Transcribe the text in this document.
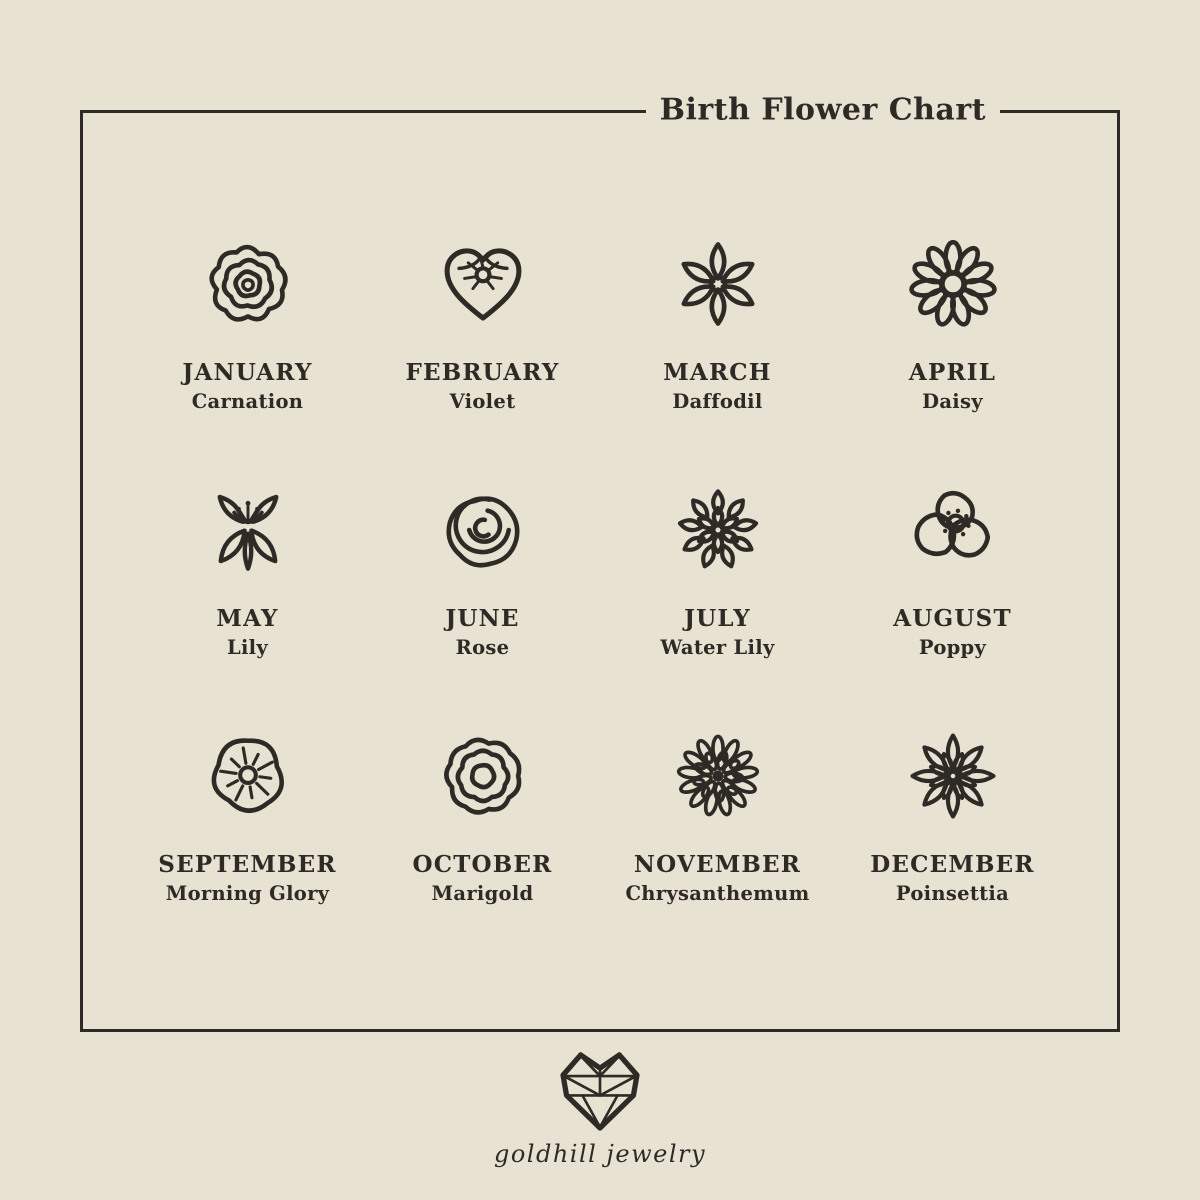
Birth Flower Chart
JANUARY
Carnation
FEBRUARY
Violet
MARCH
Daffodil
APRIL
Daisy
MAY
Lily
JUNE
Rose
JULY
Water Lily
AUGUST
Poppy
SEPTEMBER
Morning Glory
OCTOBER
Marigold
NOVEMBER
Chrysanthemum
DECEMBER
Poinsettia
goldhill jewelry
